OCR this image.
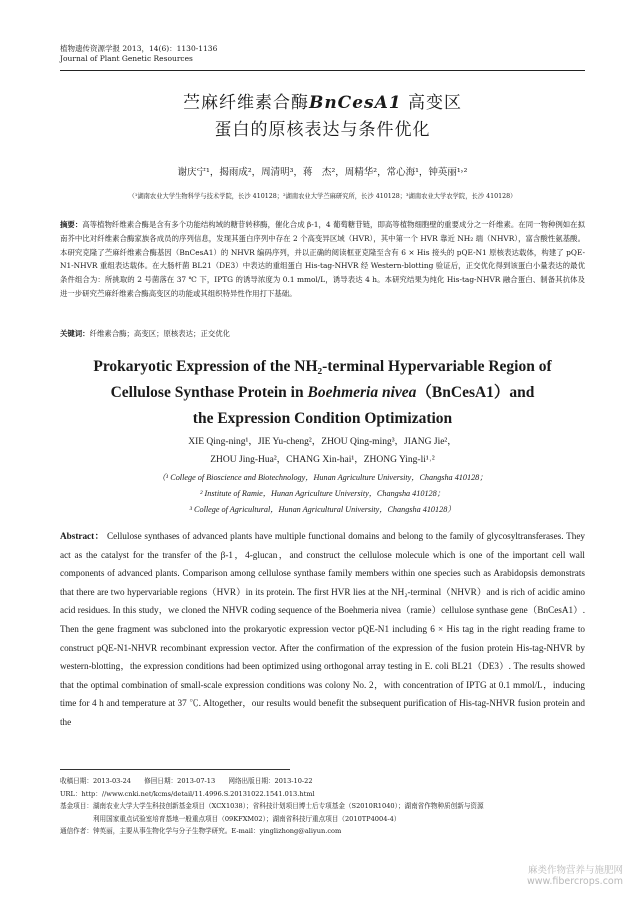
植物遗传资源学报 2013，14(6)：1130-1136
Journal of Plant Genetic Resources
苎麻纤维素合酶BnCesA1 高变区
蛋白的原核表达与条件优化
谢庆宁¹，揭雨成²，周清明³，蒋　杰²，周精华²，常心海¹，钟英丽¹˒²
（¹湖南农业大学生物科学与技术学院，长沙 410128；²湖南农业大学苎麻研究所，长沙 410128；³湖南农业大学农学院，长沙 410128）
摘要：高等植物纤维素合酶是含有多个功能结构域的糖苷转移酶，催化合成 β-1，4 葡萄糖苷链，即高等植物细胞壁的重要成分之一纤维素。在同一物种例如在拟南芥中比对纤维素合酶家族各成员的序列信息，发现其蛋白序列中存在 2 个高变异区域（HVR），其中第一个 HVR 靠近 NH₂ 端（NHVR），富含酸性氨基酸。本研究克隆了苎麻纤维素合酶基因（BnCesA1）的 NHVR 编码序列，并以正确的阅读框亚克隆至含有 6 × His 接头的 pQE-N1 原核表达载体，构建了 pQE-N1-NHVR 重组表达载体。在大肠杆菌 BL21（DE3）中表达的重组蛋白 His-tag-NHVR 经 Western-blotting 验证后，正交优化得到该蛋白小量表达的最优条件组合为：所挑取的 2 号菌落在 37 ℃ 下，IPTG 的诱导浓度为 0.1 mmol/L，诱导表达 4 h。本研究结果为纯化 His-tag-NHVR 融合蛋白、制备其抗体及进一步研究苎麻纤维素合酶高变区的功能或其组织特异性作用打下基础。
关键词：纤维素合酶；高变区；原核表达；正交优化
Prokaryotic Expression of the NH₂-terminal Hypervariable Region of
Cellulose Synthase Protein in Boehmeria nivea（BnCesA1）and
the Expression Condition Optimization
XIE Qing-ning¹，JIE Yu-cheng²，ZHOU Qing-ming³，JIANG Jie²，
ZHOU Jing-Hua²，CHANG Xin-hai¹，ZHONG Ying-li¹˒²
（¹ College of Bioscience and Biotechnology，Hunan Agriculture University，Changsha 410128；
² Institute of Ramie，Hunan Agriculture University，Changsha 410128；
³ College of Agricultural，Hunan Agricultural University，Changsha 410128）
Abstract： Cellulose synthases of advanced plants have multiple functional domains and belong to the family of glycosyltransferases. They act as the catalyst for the transfer of the β-1，4-glucan，and construct the cellulose molecule which is one of the important cell wall components of advanced plants. Comparison among cellulose synthase family members within one species such as Arabidopsis demonstrats that there are two hypervariable regions（HVR）in its protein. The first HVR lies at the NH₂-terminal（NHVR）and is rich of acidic amino acid residues. In this study，we cloned the NHVR coding sequence of the Boehmeria nivea（ramie）cellulose synthase gene（BnCesA1）. Then the gene fragment was subcloned into the prokaryotic expression vector pQE-N1 including 6 × His tag in the right reading frame to construct pQE-N1-NHVR recombinant expression vector. After the confirmation of the expression of the fusion protein His-tag-NHVR by western-blotting，the expression conditions had been optimized using orthogonal array testing in E. coli BL21（DE3）. The results showed that the optimal combination of small-scale expression conditions was colony No. 2，with concentration of IPTG at 0.1 mmol/L，inducing time for 4 h and temperature at 37 ℃. Altogether，our results would benefit the subsequent purification of His-tag-NHVR fusion protein and the
收稿日期：2013-03-24　　修回日期：2013-07-13　　网络出版日期：2013-10-22
URL：http：//www.cnki.net/kcms/detail/11.4996.S.20131022.1541.013.html
基金项目：湖南农业大学大学生科技创新基金项目（XCX1038）；省科技计划项目博士后专项基金（S2010R1040）；湖南省作物种质创新与资源
　　　　　利用国家重点试验室培育基地一般重点项目（09KFXM02）；湖南省科技厅重点项目（2010TP4004-4）
通信作者：钟英丽，主要从事生物化学与分子生物学研究。E-mail：yinglizhong@aliyun.com
麻类作物营养与施肥网
www.fibercrops.com
